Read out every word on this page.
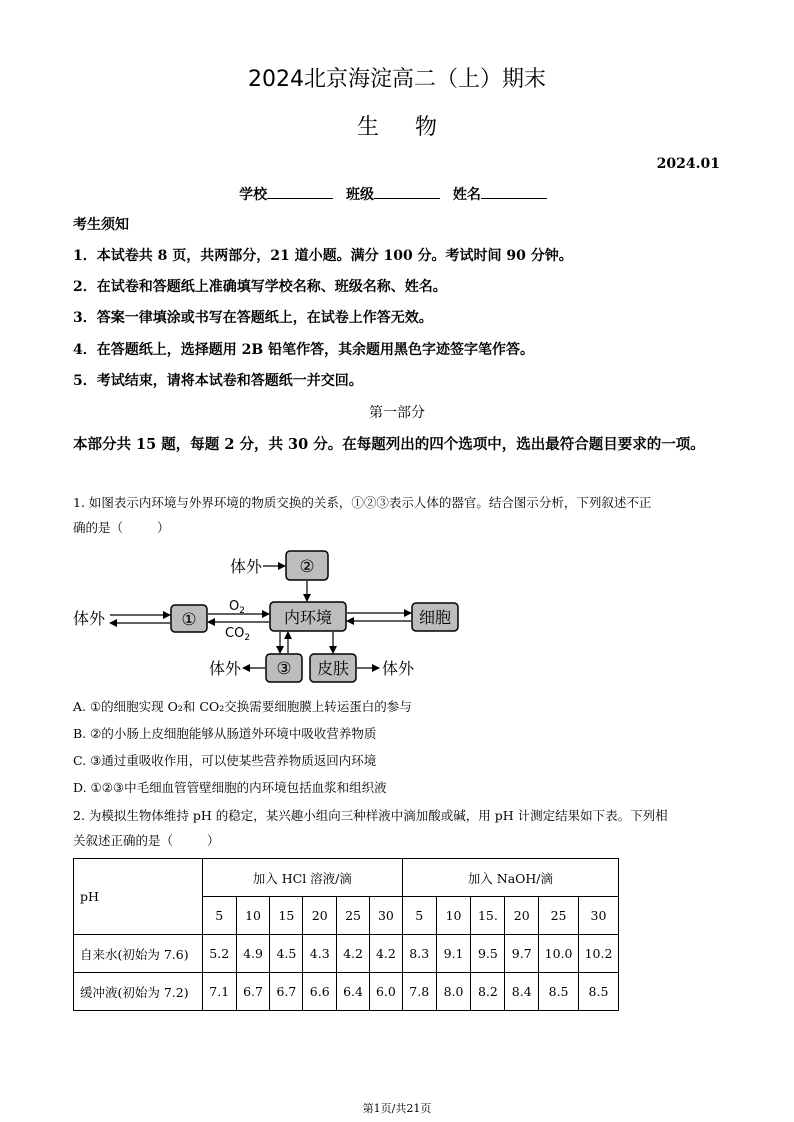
2024北京海淀高二（上）期末
生物
2024.01
学校	班级	姓名
考生须知
1．本试卷共 8 页，共两部分，21 道小题。满分 100 分。考试时间 90 分钟。
2．在试卷和答题纸上准确填写学校名称、班级名称、姓名。
3．答案一律填涂或书写在答题纸上，在试卷上作答无效。
4．在答题纸上，选择题用 2B 铅笔作答，其余题用黑色字迹签字笔作答。
5．考试结束，请将本试卷和答题纸一并交回。
第一部分
本部分共 15 题，每题 2 分，共 30 分。在每题列出的四个选项中，选出最符合题目要求的一项。
1. 如图表示内环境与外界环境的物质交换的关系，①②③表示人体的器官。结合图示分析，下列叙述不正
确的是（	）
②
①	内环境	细胞
③ 皮肤
体外
体外
体外	体外
$O_2$
$CO_2$
A. ①的细胞实现 O₂和 CO₂交换需要细胞膜上转运蛋白的参与
B. ②的小肠上皮细胞能够从肠道外环境中吸收营养物质
C. ③通过重吸收作用，可以使某些营养物质返回内环境
D. ①②③中毛细血管管壁细胞的内环境包括血浆和组织液
2. 为模拟生物体维持 pH 的稳定，某兴趣小组向三种样液中滴加酸或碱，用 pH 计测定结果如下表。下列相
关叙述正确的是（	）
pH	加入 HCl 溶液/滴						加入 NaOH/滴					
	5	10	15	20	25	30	5	10	15.	20	25	30
自来水(初始为 7.6)	5.2	4.9	4.5	4.3	4.2	4.2	8.3	9.1	9.5	9.7	10.0	10.2
缓冲液(初始为 7.2)	7.1	6.7	6.7	6.6	6.4	6.0	7.8	8.0	8.2	8.4	8.5	8.5
第1页/共21页
